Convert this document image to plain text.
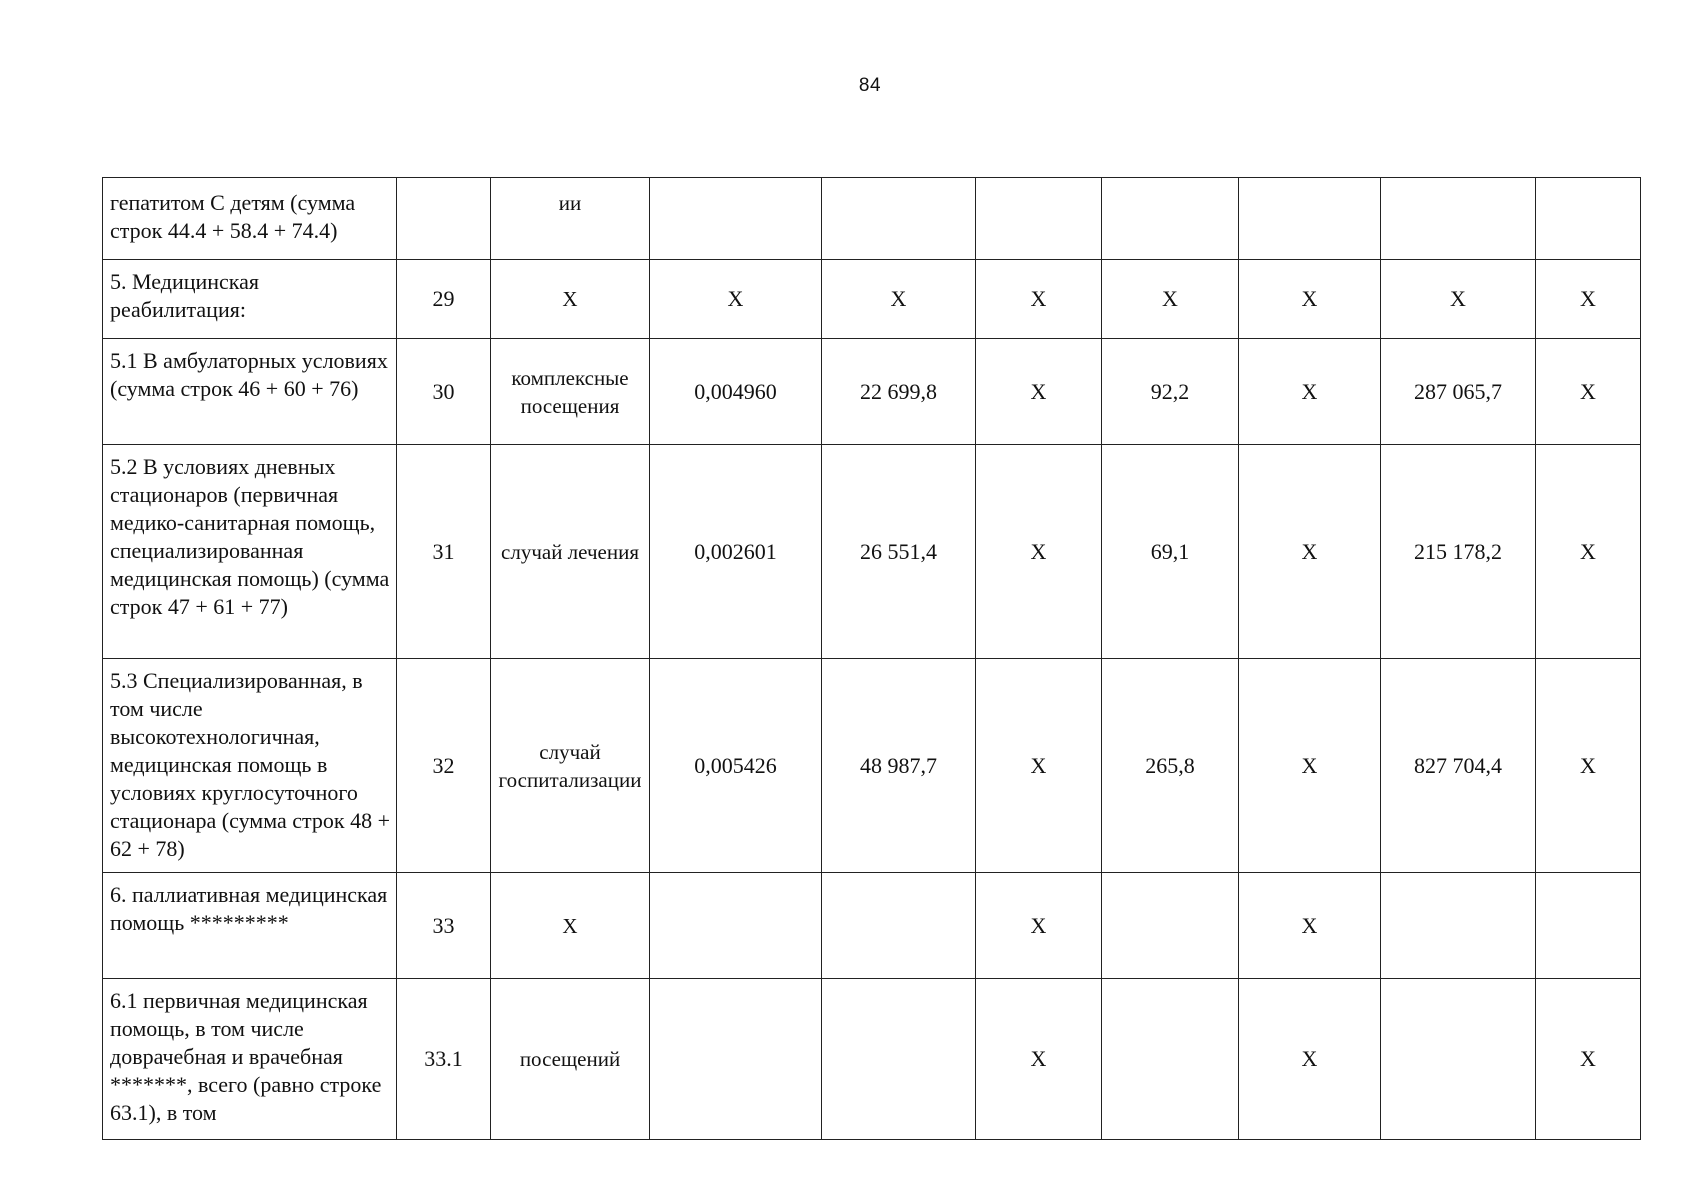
84
гепатитом С детям (сумма строк 44.4 + 58.4 + 74.4)		ии							
5. Медицинская реабилитация:	29	X	X	X	X	X	X	X	X
5.1 В амбулаторных условиях (сумма строк 46 + 60 + 76)	30	комплексные посещения	0,004960	22 699,8	X	92,2	X	287 065,7	X
5.2 В условиях дневных стационаров (первичная медико-санитарная помощь, специализированная медицинская помощь) (сумма строк 47 + 61 + 77)	31	случай лечения	0,002601	26 551,4	X	69,1	X	215 178,2	X
5.3 Специализированная, в том числе высокотехнологичная, медицинская помощь в условиях круглосуточного стационара (сумма строк 48 + 62 + 78)	32	случай госпитализации	0,005426	48 987,7	X	265,8	X	827 704,4	X
6. паллиативная медицинская помощь *********	33	X			X		X		
6.1 первичная медицинская помощь, в том числе доврачебная и врачебная *******, всего (равно строке 63.1), в том	33.1	посещений			X		X		X
